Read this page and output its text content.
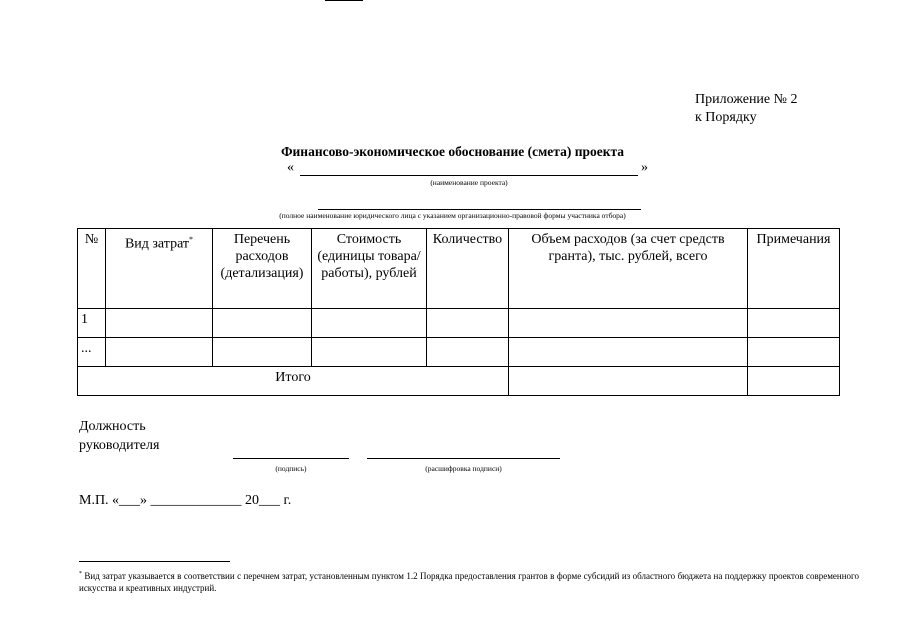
Приложение № 2
к Порядку
Финансово-экономическое обоснование (смета) проекта
«	»
(наименование проекта)
(полное наименование юридического лица с указанием организационно-правовой формы участника отбора)
№	Вид затрат*	Перечень расходов (детализация)	Стоимость (единицы товара/работы), рублей	Количество	Объем расходов (за счет средств гранта), тыс. рублей, всего	Примечания
1						
...						
Итого						
Должность
руководителя
(подпись)	(расшифровка подписи)
М.П. «___» _____________ 20___ г.
* Вид затрат указывается в соответствии с перечнем затрат, установленным пунктом 1.2 Порядка предоставления грантов в форме субсидий из областного бюджета на поддержку проектов современного искусства и креативных индустрий.
